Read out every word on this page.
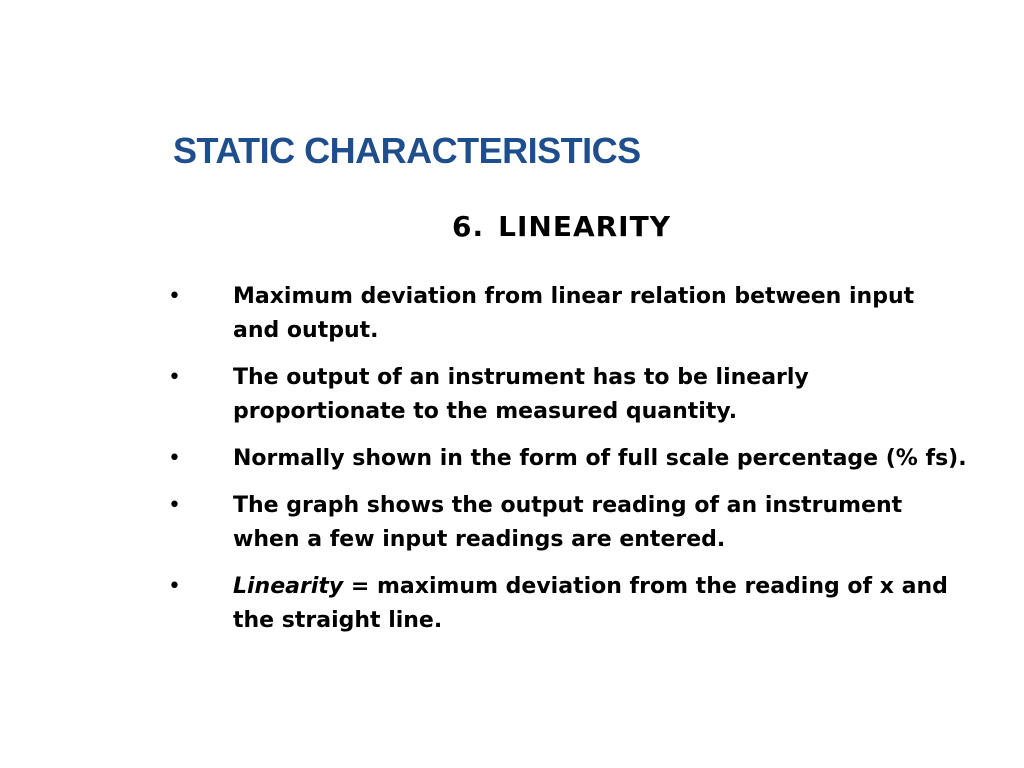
STATIC CHARACTERISTICS
6. LINEARITY
•	Maximum deviation from linear relation between input and output.
•	The output of an instrument has to be linearly proportionate to the measured quantity.
•	Normally shown in the form of full scale percentage (% fs).
•	The graph shows the output reading of an instrument when a few input readings are entered.
•	Linearity = maximum deviation from the reading of x and the straight line.
